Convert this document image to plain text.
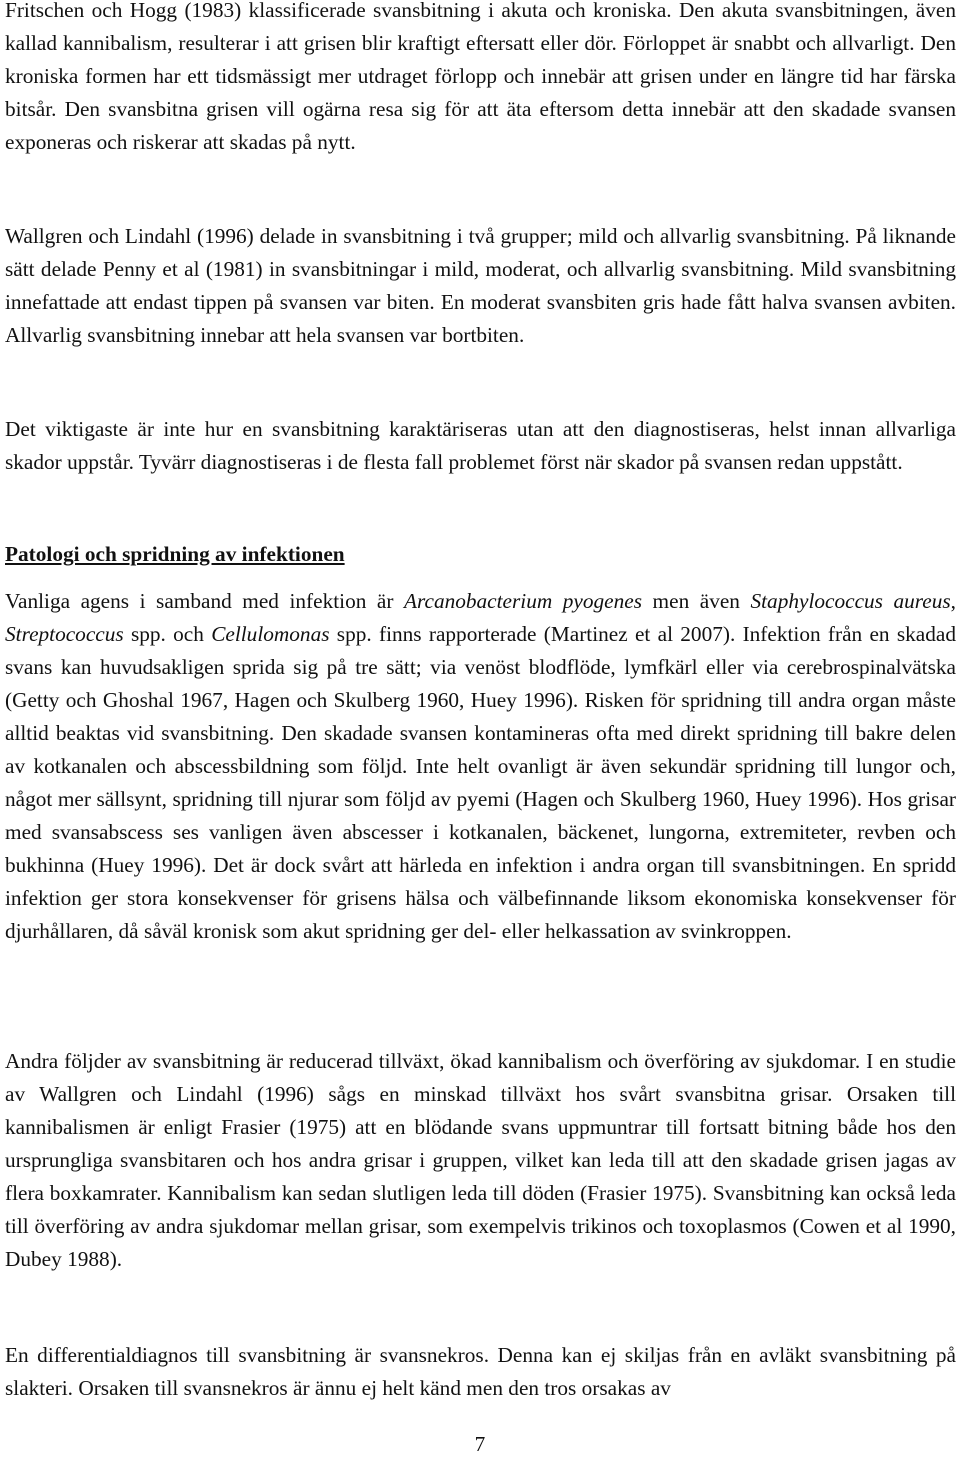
Fritschen och Hogg (1983) klassificerade svansbitning i akuta och kroniska. Den akuta svansbitningen, även kallad kannibalism, resulterar i att grisen blir kraftigt eftersatt eller dör. Förloppet är snabbt och allvarligt. Den kroniska formen har ett tidsmässigt mer utdraget förlopp och innebär att grisen under en längre tid har färska bitsår. Den svansbitna grisen vill ogärna resa sig för att äta eftersom detta innebär att den skadade svansen exponeras och riskerar att skadas på nytt.

Wallgren och Lindahl (1996) delade in svansbitning i två grupper; mild och allvarlig svansbitning. På liknande sätt delade Penny et al (1981) in svansbitningar i mild, moderat, och allvarlig svansbitning. Mild svansbitning innefattade att endast tippen på svansen var biten. En moderat svansbiten gris hade fått halva svansen avbiten. Allvarlig svansbitning innebar att hela svansen var bortbiten.

Det viktigaste är inte hur en svansbitning karaktäriseras utan att den diagnostiseras, helst innan allvarliga skador uppstår. Tyvärr diagnostiseras i de flesta fall problemet först när skador på svansen redan uppstått.

Patologi och spridning av infektionen

Vanliga agens i samband med infektion är Arcanobacterium pyogenes men även Staphylococcus aureus, Streptococcus spp. och Cellulomonas spp. finns rapporterade (Martinez et al 2007). Infektion från en skadad svans kan huvudsakligen sprida sig på tre sätt; via venöst blodflöde, lymfkärl eller via cerebrospinalvätska (Getty och Ghoshal 1967, Hagen och Skulberg 1960, Huey 1996). Risken för spridning till andra organ måste alltid beaktas vid svansbitning. Den skadade svansen kontamineras ofta med direkt spridning till bakre delen av kotkanalen och abscessbildning som följd. Inte helt ovanligt är även sekundär spridning till lungor och, något mer sällsynt, spridning till njurar som följd av pyemi (Hagen och Skulberg 1960, Huey 1996). Hos grisar med svansabscess ses vanligen även abscesser i kotkanalen, bäckenet, lungorna, extremiteter, revben och bukhinna (Huey 1996). Det är dock svårt att härleda en infektion i andra organ till svansbitningen. En spridd infektion ger stora konsekvenser för grisens hälsa och välbefinnande liksom ekonomiska konsekvenser för djurhållaren, då såväl kronisk som akut spridning ger del- eller helkassation av svinkroppen.

Andra följder av svansbitning är reducerad tillväxt, ökad kannibalism och överföring av sjukdomar. I en studie av Wallgren och Lindahl (1996) sågs en minskad tillväxt hos svårt svansbitna grisar. Orsaken till kannibalismen är enligt Frasier (1975) att en blödande svans uppmuntrar till fortsatt bitning både hos den ursprungliga svansbitaren och hos andra grisar i gruppen, vilket kan leda till att den skadade grisen jagas av flera boxkamrater. Kannibalism kan sedan slutligen leda till döden (Frasier 1975). Svansbitning kan också leda till överföring av andra sjukdomar mellan grisar, som exempelvis trikinos och toxoplasmos (Cowen et al 1990, Dubey 1988).

En differentialdiagnos till svansbitning är svansnekros. Denna kan ej skiljas från en avläkt svansbitning på slakteri. Orsaken till svansnekros är ännu ej helt känd men den tros orsakas av

7
